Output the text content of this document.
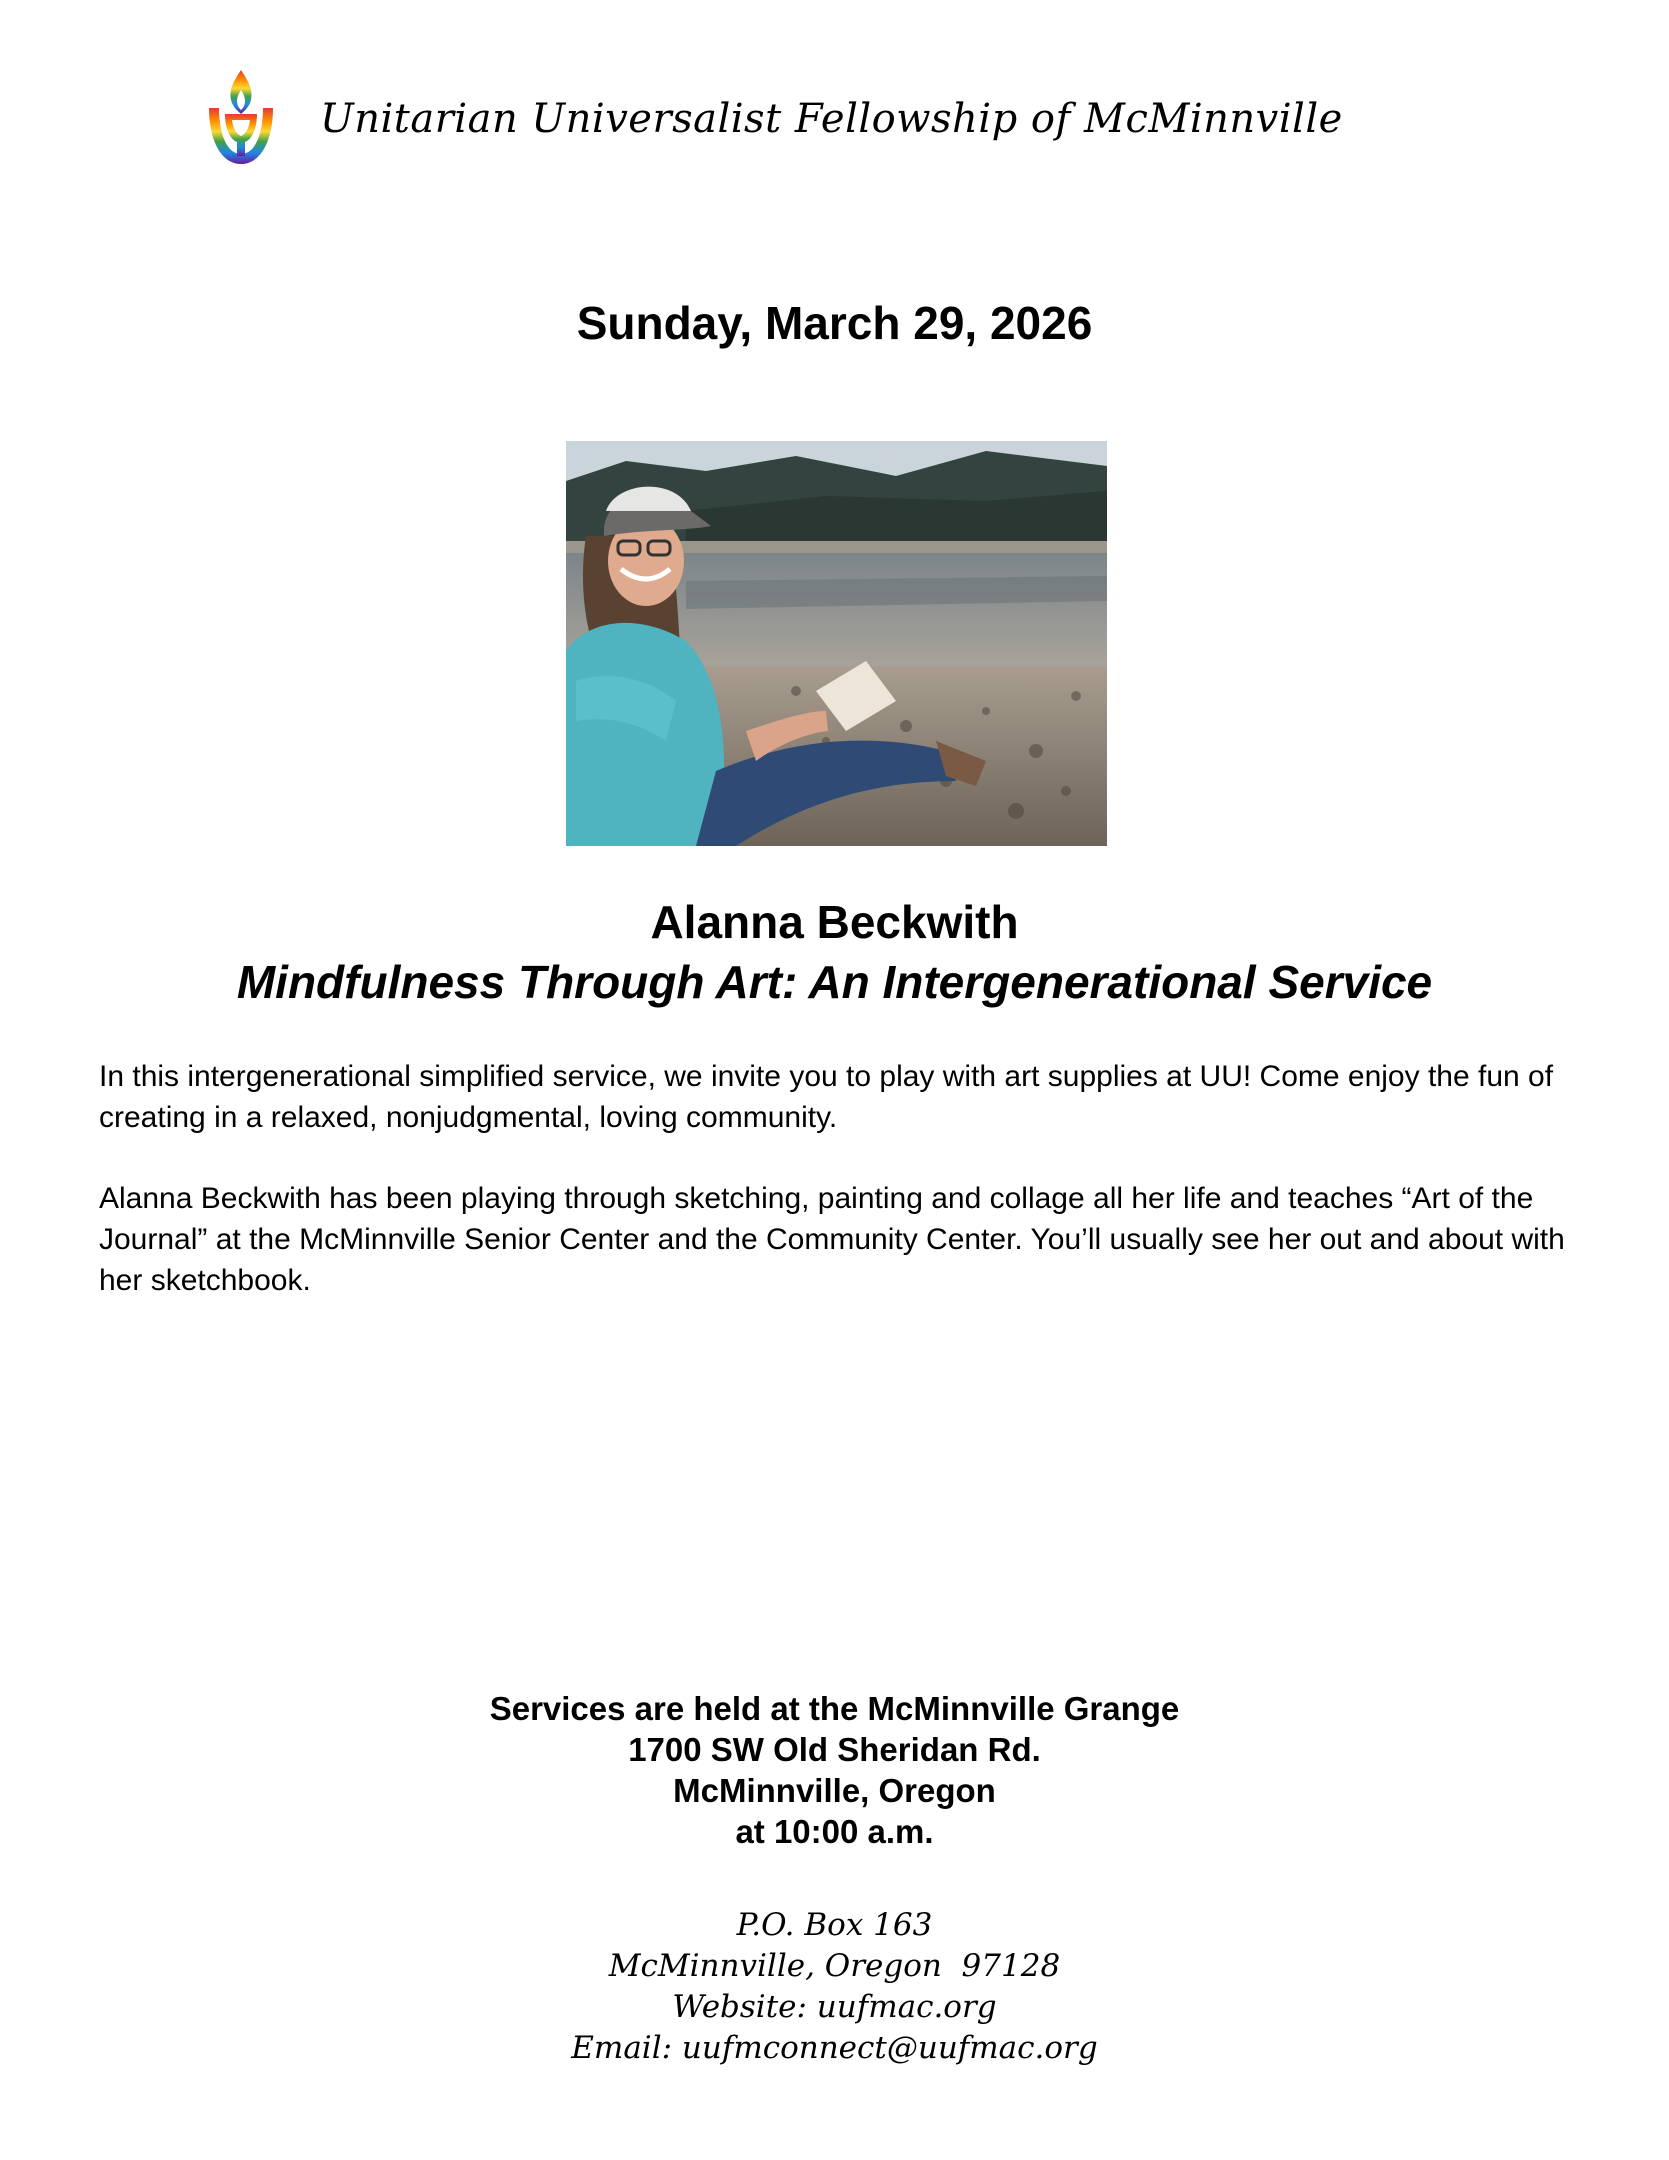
Unitarian Universalist Fellowship of McMinnville
Sunday, March 29, 2026
Alanna Beckwith
Mindfulness Through Art: An Intergenerational Service
In this intergenerational simplified service, we invite you to play with art supplies at UU! Come enjoy the fun of creating in a relaxed, nonjudgmental, loving community.
Alanna Beckwith has been playing through sketching, painting and collage all her life and teaches “Art of the Journal” at the McMinnville Senior Center and the Community Center. You’ll usually see her out and about with her sketchbook.
Services are held at the McMinnville Grange
1700 SW Old Sheridan Rd.
McMinnville, Oregon
at 10:00 a.m.
P.O. Box 163
McMinnville, Oregon  97128
Website: uufmac.org
Email: uufmconnect@uufmac.org
